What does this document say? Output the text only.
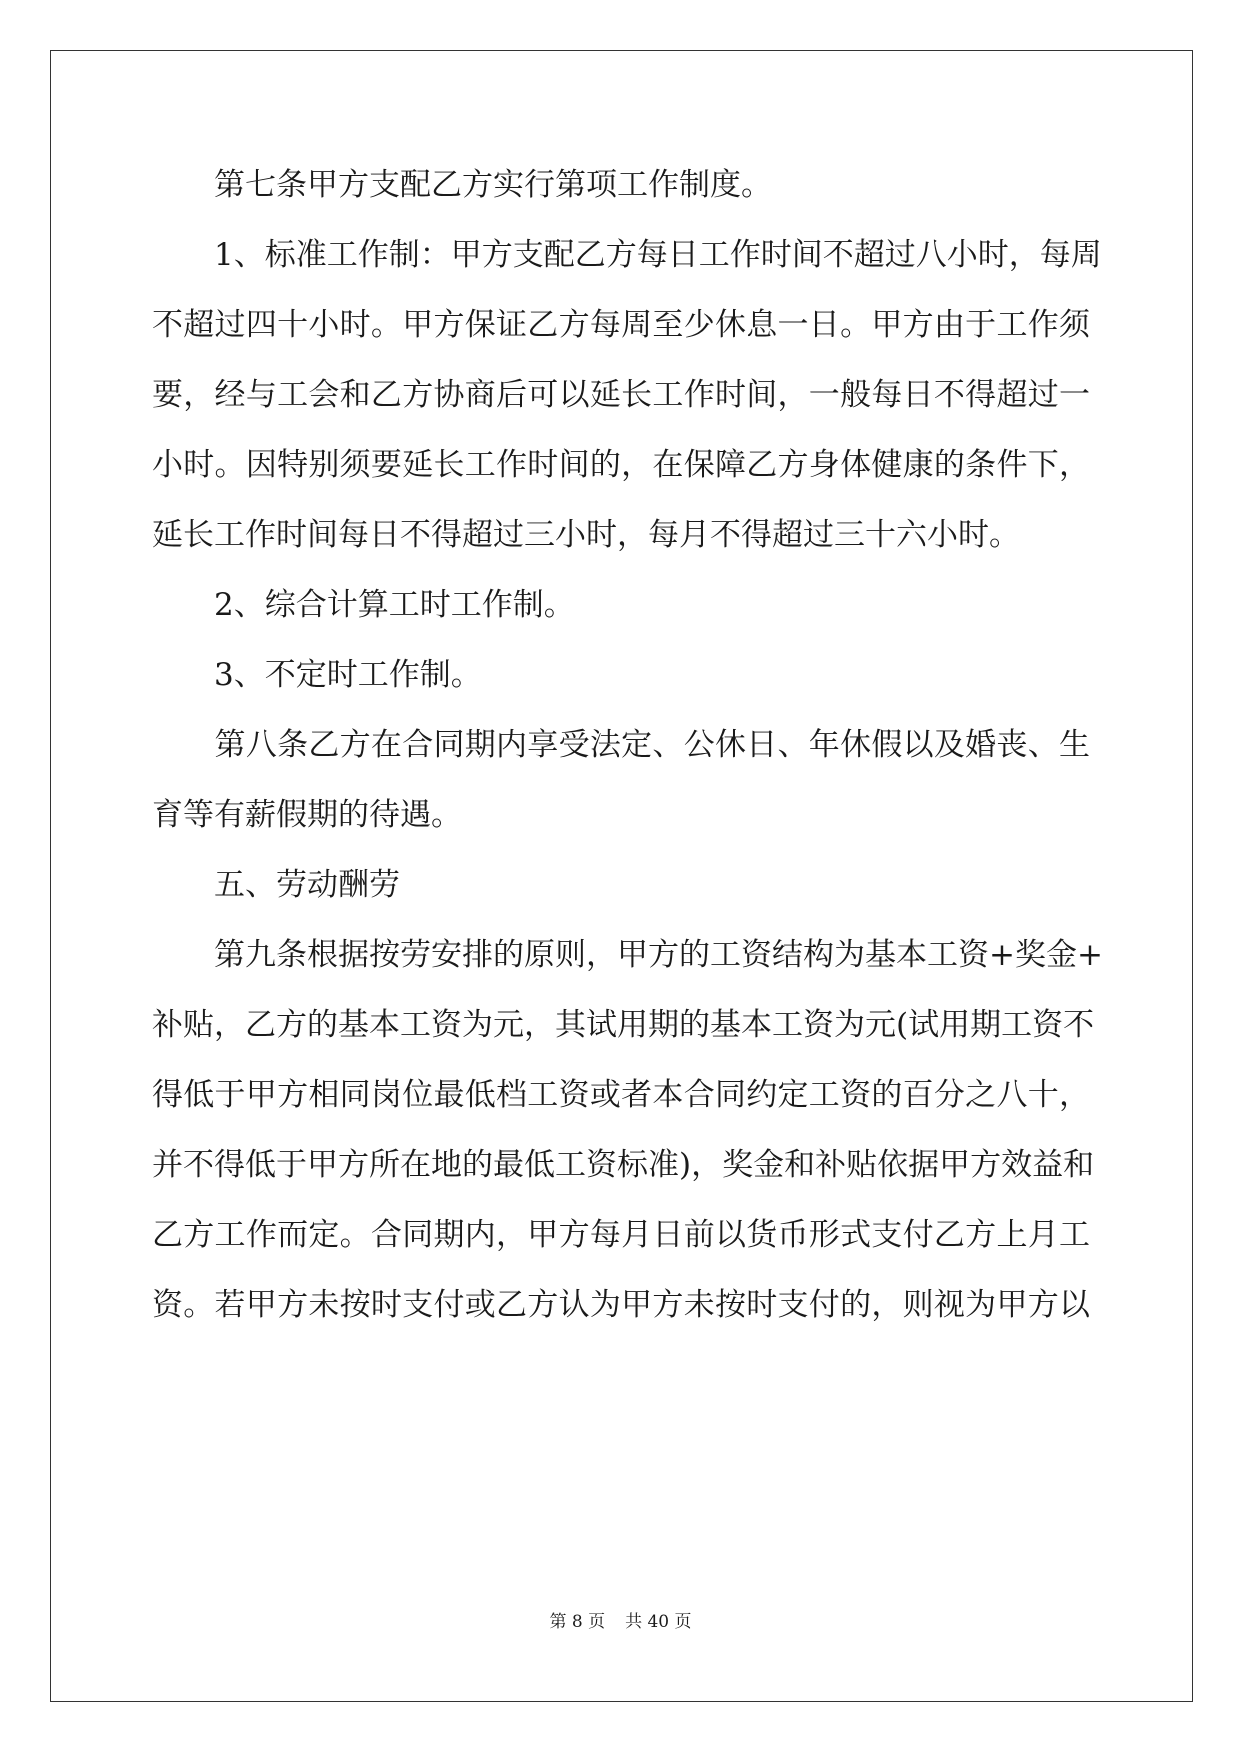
　　第七条甲方支配乙方实行第项工作制度。
　　1、标准工作制：甲方支配乙方每日工作时间不超过八小时，每周
不超过四十小时。甲方保证乙方每周至少休息一日。甲方由于工作须
要，经与工会和乙方协商后可以延长工作时间，一般每日不得超过一
小时。因特别须要延长工作时间的，在保障乙方身体健康的条件下，
延长工作时间每日不得超过三小时，每月不得超过三十六小时。
　　2、综合计算工时工作制。
　　3、不定时工作制。
　　第八条乙方在合同期内享受法定、公休日、年休假以及婚丧、生
育等有薪假期的待遇。
　　五、劳动酬劳
　　第九条根据按劳安排的原则，甲方的工资结构为基本工资+奖金+
补贴，乙方的基本工资为元，其试用期的基本工资为元(试用期工资不
得低于甲方相同岗位最低档工资或者本合同约定工资的百分之八十，
并不得低于甲方所在地的最低工资标准)，奖金和补贴依据甲方效益和
乙方工作而定。合同期内，甲方每月日前以货币形式支付乙方上月工
资。若甲方未按时支付或乙方认为甲方未按时支付的，则视为甲方以
第 8 页 共 40 页
